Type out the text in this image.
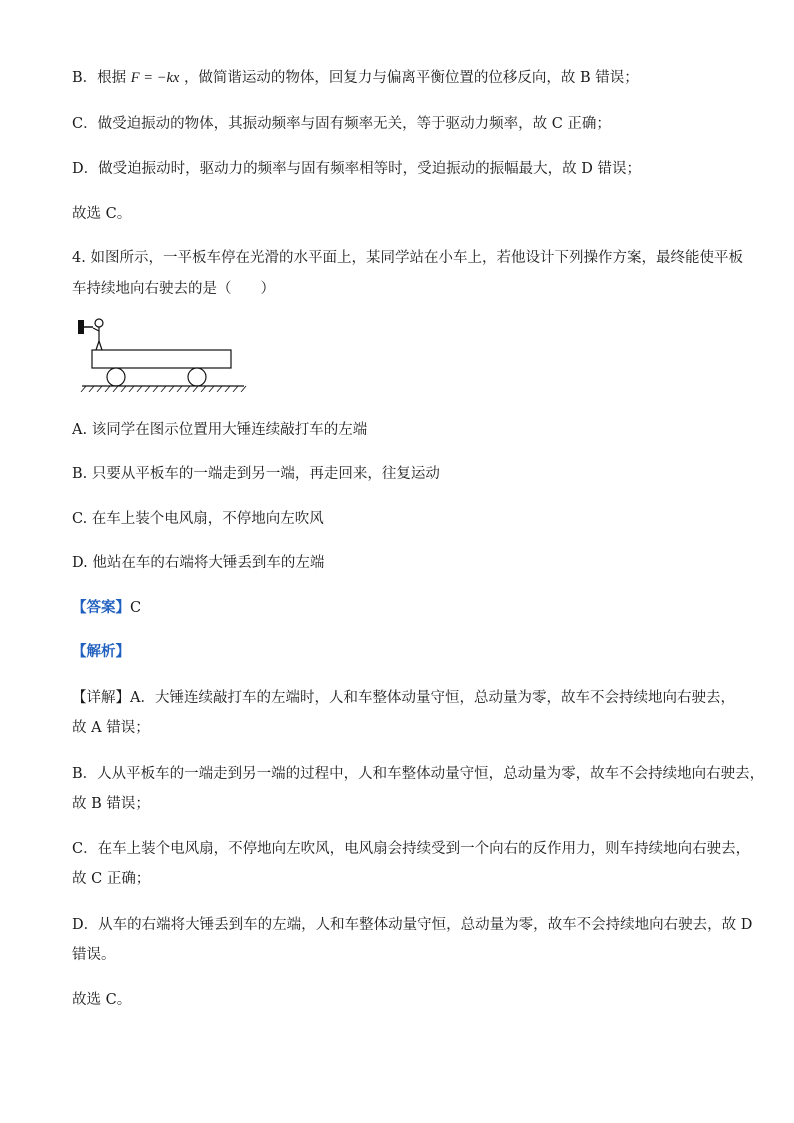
B．根据 F = −kx ，做简谐运动的物体，回复力与偏离平衡位置的位移反向，故 B 错误；
C．做受迫振动的物体，其振动频率与固有频率无关，等于驱动力频率，故 C 正确；
D．做受迫振动时，驱动力的频率与固有频率相等时，受迫振动的振幅最大，故 D 错误；
故选 C。
4. 如图所示，一平板车停在光滑的水平面上，某同学站在小车上，若他设计下列操作方案，最终能使平板
车持续地向右驶去的是（　　）
A. 该同学在图示位置用大锤连续敲打车的左端
B. 只要从平板车的一端走到另一端，再走回来，往复运动
C. 在车上装个电风扇，不停地向左吹风
D. 他站在车的右端将大锤丢到车的左端
【答案】C
【解析】
【详解】A．大锤连续敲打车的左端时，人和车整体动量守恒，总动量为零，故车不会持续地向右驶去，
故 A 错误；
B．人从平板车的一端走到另一端的过程中，人和车整体动量守恒，总动量为零，故车不会持续地向右驶去，
故 B 错误；
C．在车上装个电风扇，不停地向左吹风，电风扇会持续受到一个向右的反作用力，则车持续地向右驶去，
故 C 正确；
D．从车的右端将大锤丢到车的左端，人和车整体动量守恒，总动量为零，故车不会持续地向右驶去，故 D
错误。
故选 C。
